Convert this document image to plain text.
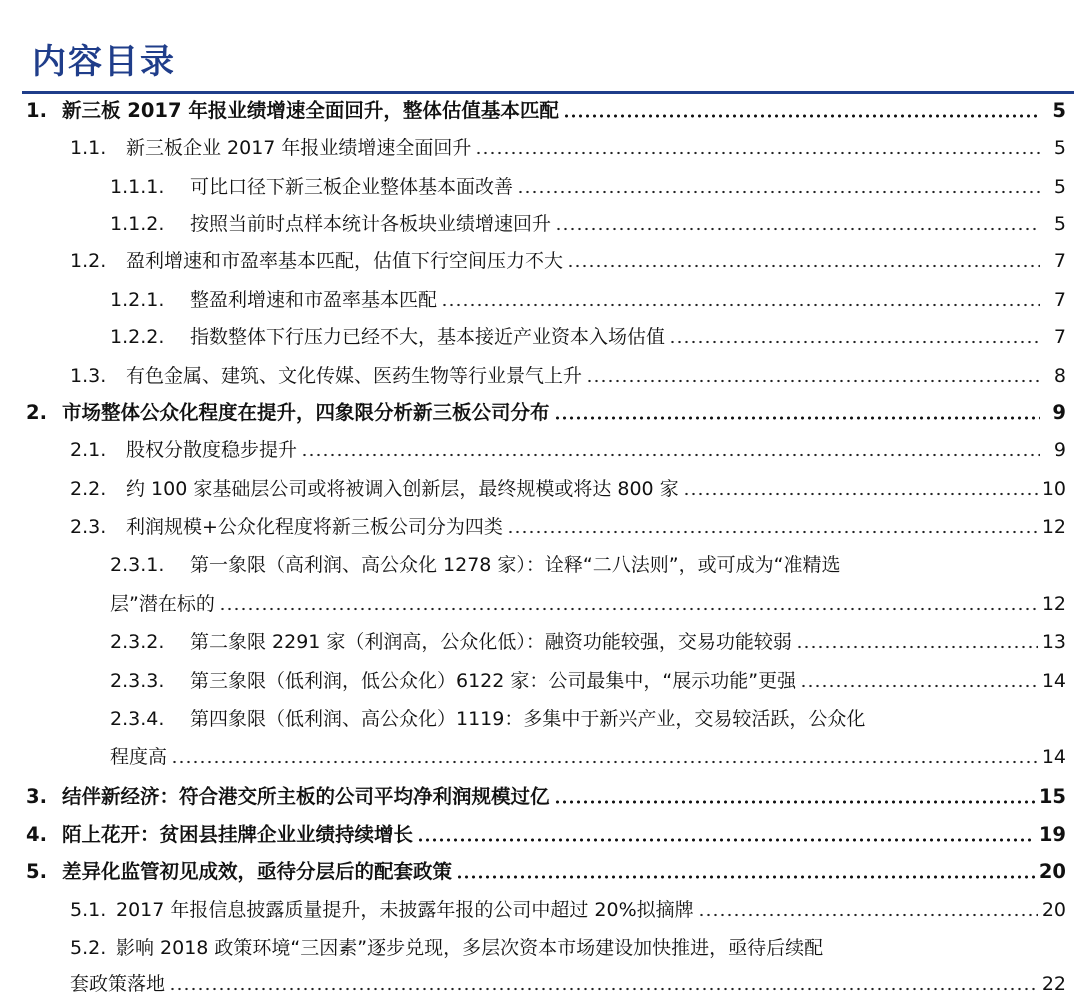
内容目录
1. 新三板 2017 年报业绩增速全面回升，整体估值基本匹配	5
1.1.	新三板企业 2017 年报业绩增速全面回升	5
1.1.1.	可比口径下新三板企业整体基本面改善	5
1.1.2.	按照当前时点样本统计各板块业绩增速回升	5
1.2.	盈利增速和市盈率基本匹配，估值下行空间压力不大	7
1.2.1.	整盈利增速和市盈率基本匹配	7
1.2.2.	指数整体下行压力已经不大，基本接近产业资本入场估值	7
1.3.	有色金属、建筑、文化传媒、医药生物等行业景气上升	8
2. 市场整体公众化程度在提升，四象限分析新三板公司分布	9
2.1.	股权分散度稳步提升	9
2.2.	约 100 家基础层公司或将被调入创新层，最终规模或将达 800 家	10
2.3.	利润规模+公众化程度将新三板公司分为四类	12
2.3.1.	第一象限（高利润、高公众化 1278 家）：诠释“二八法则”，或可成为“准精选
层”潜在标的	12
2.3.2.	第二象限 2291 家（利润高，公众化低）：融资功能较强，交易功能较弱	13
2.3.3.	第三象限（低利润，低公众化）6122 家：公司最集中，“展示功能”更强	14
2.3.4.	第四象限（低利润、高公众化）1119：多集中于新兴产业，交易较活跃，公众化
程度高	14
3. 结伴新经济：符合港交所主板的公司平均净利润规模过亿	15
4. 陌上花开：贫困县挂牌企业业绩持续增长	19
5. 差异化监管初见成效，亟待分层后的配套政策	20
5.1. 2017 年报信息披露质量提升，未披露年报的公司中超过 20%拟摘牌	20
5.2. 影响 2018 政策环境“三因素”逐步兑现，多层次资本市场建设加快推进，亟待后续配
套政策落地	22
